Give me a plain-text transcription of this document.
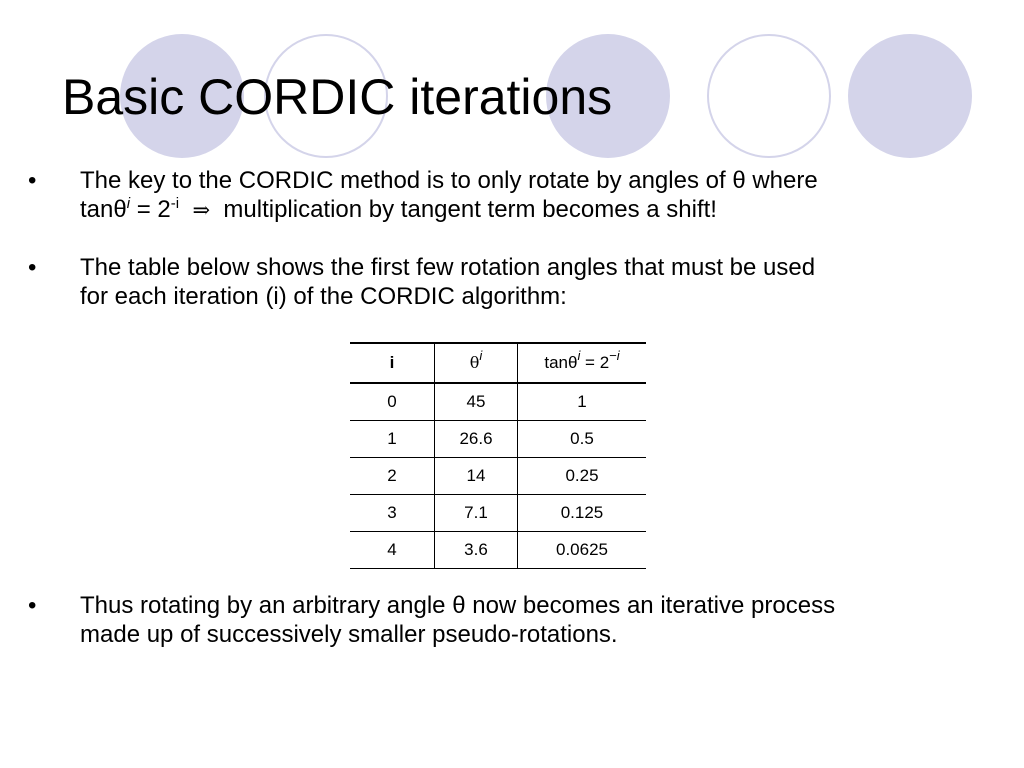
Basic CORDIC iterations
• The key to the CORDIC method is to only rotate by angles of θ where
$\tan\theta^i = 2^{-i}$ ⇒ multiplication by tangent term becomes a shift!
• The table below shows the first few rotation angles that must be used
for each iteration (i) of the CORDIC algorithm:
i	$\theta^i$	$\tan\theta^i = 2^{-i}$
0	45	1
1	26.6	0.5
2	14	0.25
3	7.1	0.125
4	3.6	0.0625
• Thus rotating by an arbitrary angle θ now becomes an iterative process
made up of successively smaller pseudo-rotations.
